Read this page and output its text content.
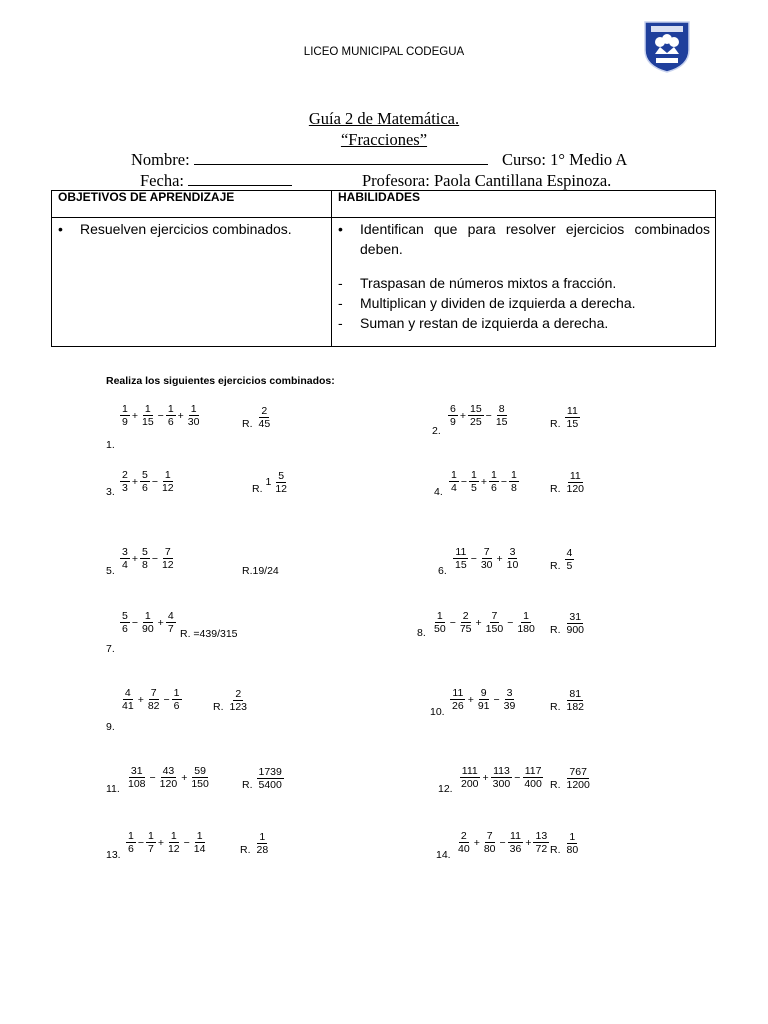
LICEO MUNICIPAL CODEGUA
Guía 2 de Matemática.
“Fracciones”
Nombre:	Curso: 1° Medio A
Fecha:	Profesora: Paola Cantillana Espinoza.
OBJETIVOS DE APRENDIZAJE	HABILIDADES
• Resuelven ejercicios combinados.	• Identifican que para resolver ejercicios combinados deben.
- Traspasan de números mixtos a fracción.
- Multiplican y dividen de izquierda a derecha.
- Suman y restan de izquierda a derecha.
Realiza los siguientes ejercicios combinados:
$\frac{1}{9} + \frac{1}{15} - \frac{1}{6} + \frac{1}{30}$
1.
R. $\frac{2}{45}$	$\frac{6}{9} + \frac{15}{25} - \frac{8}{15}$
2.
R. $\frac{11}{15}$
$\frac{2}{3} + \frac{5}{6} - \frac{1}{12}$
3.	R.
$1 \frac{5}{12}$	$\frac{1}{4} - \frac{1}{5} + \frac{1}{6} - \frac{1}{8}$
4.	R. $\frac{11}{120}$
$\frac{3}{4} + \frac{5}{8} - \frac{7}{12}$
5.	R.19/24	$\frac{11}{15} - \frac{7}{30} + \frac{3}{10}$
6.	R. $\frac{4}{5}$
$\frac{5}{6} - \frac{1}{90} + \frac{4}{7}$
7.
R. =439/315	$\frac{1}{50} - \frac{2}{75} + \frac{7}{150} - \frac{1}{180}$
8.	R. $\frac{31}{900}$
$\frac{4}{41} + \frac{7}{82} - \frac{1}{6}$
9.
R. $\frac{2}{123}$	$\frac{11}{26} + \frac{9}{91} - \frac{3}{39}$
10.	R. $\frac{81}{182}$
$\frac{31}{108} - \frac{43}{120} + \frac{59}{150}$
11.	R. $\frac{1739}{5400}$	$\frac{111}{200} + \frac{113}{300} - \frac{117}{400}$
12.	R. $\frac{767}{1200}$
$\frac{1}{6} - \frac{1}{7} + \frac{1}{12} - \frac{1}{14}$
13.	R. $\frac{1}{28}$	$\frac{2}{40} + \frac{7}{80} - \frac{11}{36} + \frac{13}{72}$
14.	R. $\frac{1}{80}$
